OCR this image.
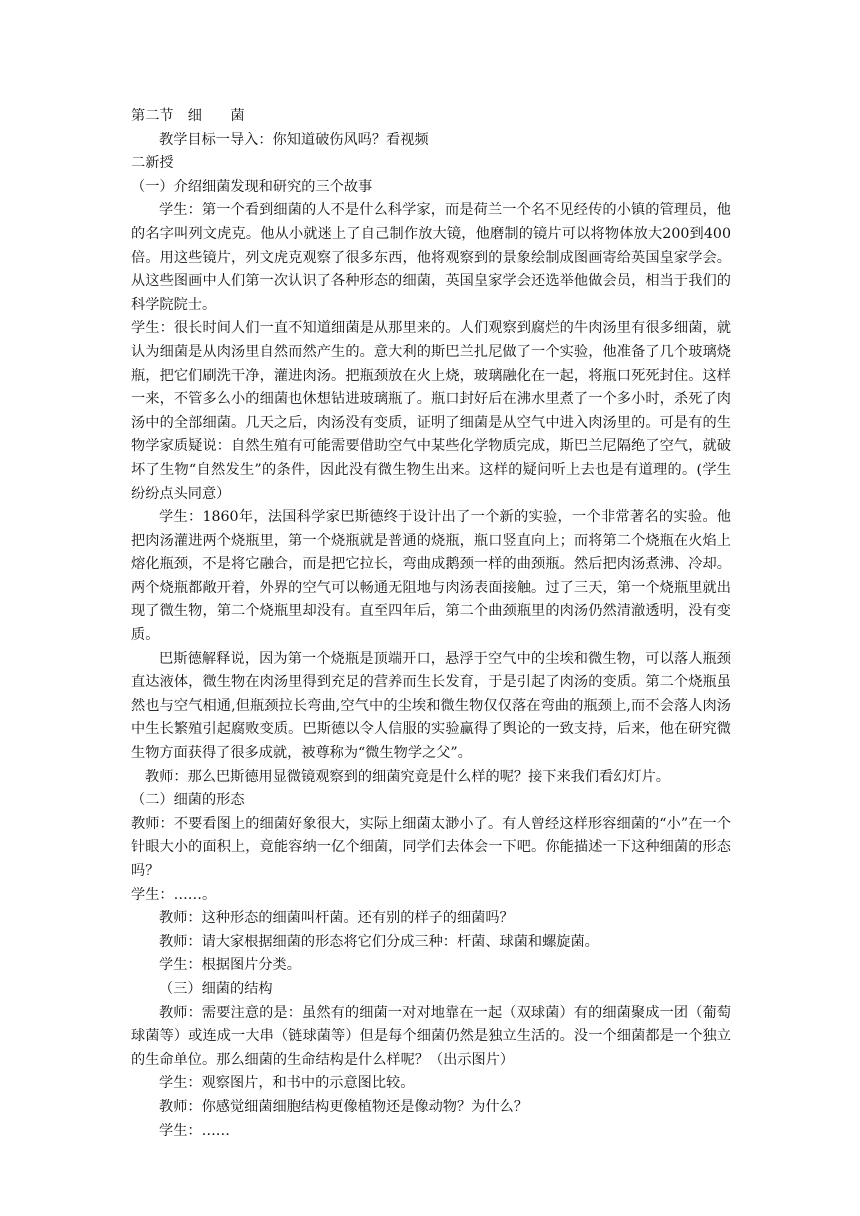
第二节　细　　菌

教学目标一导入：你知道破伤风吗？看视频

二新授

（一）介绍细菌发现和研究的三个故事

学生：第一个看到细菌的人不是什么科学家，而是荷兰一个名不见经传的小镇的管理员，他的名字叫列文虎克。他从小就迷上了自己制作放大镜，他磨制的镜片可以将物体放大200到400倍。用这些镜片，列文虎克观察了很多东西，他将观察到的景象绘制成图画寄给英国皇家学会。从这些图画中人们第一次认识了各种形态的细菌，英国皇家学会还选举他做会员，相当于我们的科学院院士。

学生：很长时间人们一直不知道细菌是从那里来的。人们观察到腐烂的牛肉汤里有很多细菌，就认为细菌是从肉汤里自然而然产生的。意大利的斯巴兰扎尼做了一个实验，他准备了几个玻璃烧瓶，把它们刷洗干净，灌进肉汤。把瓶颈放在火上烧，玻璃融化在一起，将瓶口死死封住。这样一来，不管多么小的细菌也休想钻进玻璃瓶了。瓶口封好后在沸水里煮了一个多小时，杀死了肉汤中的全部细菌。几天之后，肉汤没有变质，证明了细菌是从空气中进入肉汤里的。可是有的生物学家质疑说：自然生殖有可能需要借助空气中某些化学物质完成，斯巴兰尼隔绝了空气，就破坏了生物“自然发生”的条件，因此没有微生物生出来。这样的疑问听上去也是有道理的。(学生纷纷点头同意）

学生：1860年，法国科学家巴斯德终于设计出了一个新的实验，一个非常著名的实验。他把肉汤灌进两个烧瓶里，第一个烧瓶就是普通的烧瓶，瓶口竖直向上；而将第二个烧瓶在火焰上熔化瓶颈，不是将它融合，而是把它拉长，弯曲成鹅颈一样的曲颈瓶。然后把肉汤煮沸、冷却。两个烧瓶都敞开着，外界的空气可以畅通无阻地与肉汤表面接触。过了三天，第一个烧瓶里就出现了微生物，第二个烧瓶里却没有。直至四年后，第二个曲颈瓶里的肉汤仍然清澈透明，没有变质。

巴斯德解释说，因为第一个烧瓶是顶端开口，悬浮于空气中的尘埃和微生物，可以落人瓶颈直达液体，微生物在肉汤里得到充足的营养而生长发育，于是引起了肉汤的变质。第二个烧瓶虽然也与空气相通,但瓶颈拉长弯曲,空气中的尘埃和微生物仅仅落在弯曲的瓶颈上,而不会落人肉汤中生长繁殖引起腐败变质。巴斯德以令人信服的实验赢得了舆论的一致支持，后来，他在研究微生物方面获得了很多成就，被尊称为“微生物学之父”。

教师：那么巴斯德用显微镜观察到的细菌究竟是什么样的呢？接下来我们看幻灯片。

（二）细菌的形态

教师：不要看图上的细菌好象很大，实际上细菌太渺小了。有人曾经这样形容细菌的“小”在一个针眼大小的面积上，竟能容纳一亿个细菌，同学们去体会一下吧。你能描述一下这种细菌的形态吗？

学生：……。

教师：这种形态的细菌叫杆菌。还有别的样子的细菌吗？

教师：请大家根据细菌的形态将它们分成三种：杆菌、球菌和螺旋菌。

学生：根据图片分类。

（三）细菌的结构

教师：需要注意的是：虽然有的细菌一对对地靠在一起（双球菌）有的细菌聚成一团（葡萄球菌等）或连成一大串（链球菌等）但是每个细菌仍然是独立生活的。没一个细菌都是一个独立的生命单位。那么细菌的生命结构是什么样呢？（出示图片）

学生：观察图片，和书中的示意图比较。

教师：你感觉细菌细胞结构更像植物还是像动物？为什么？

学生：……
